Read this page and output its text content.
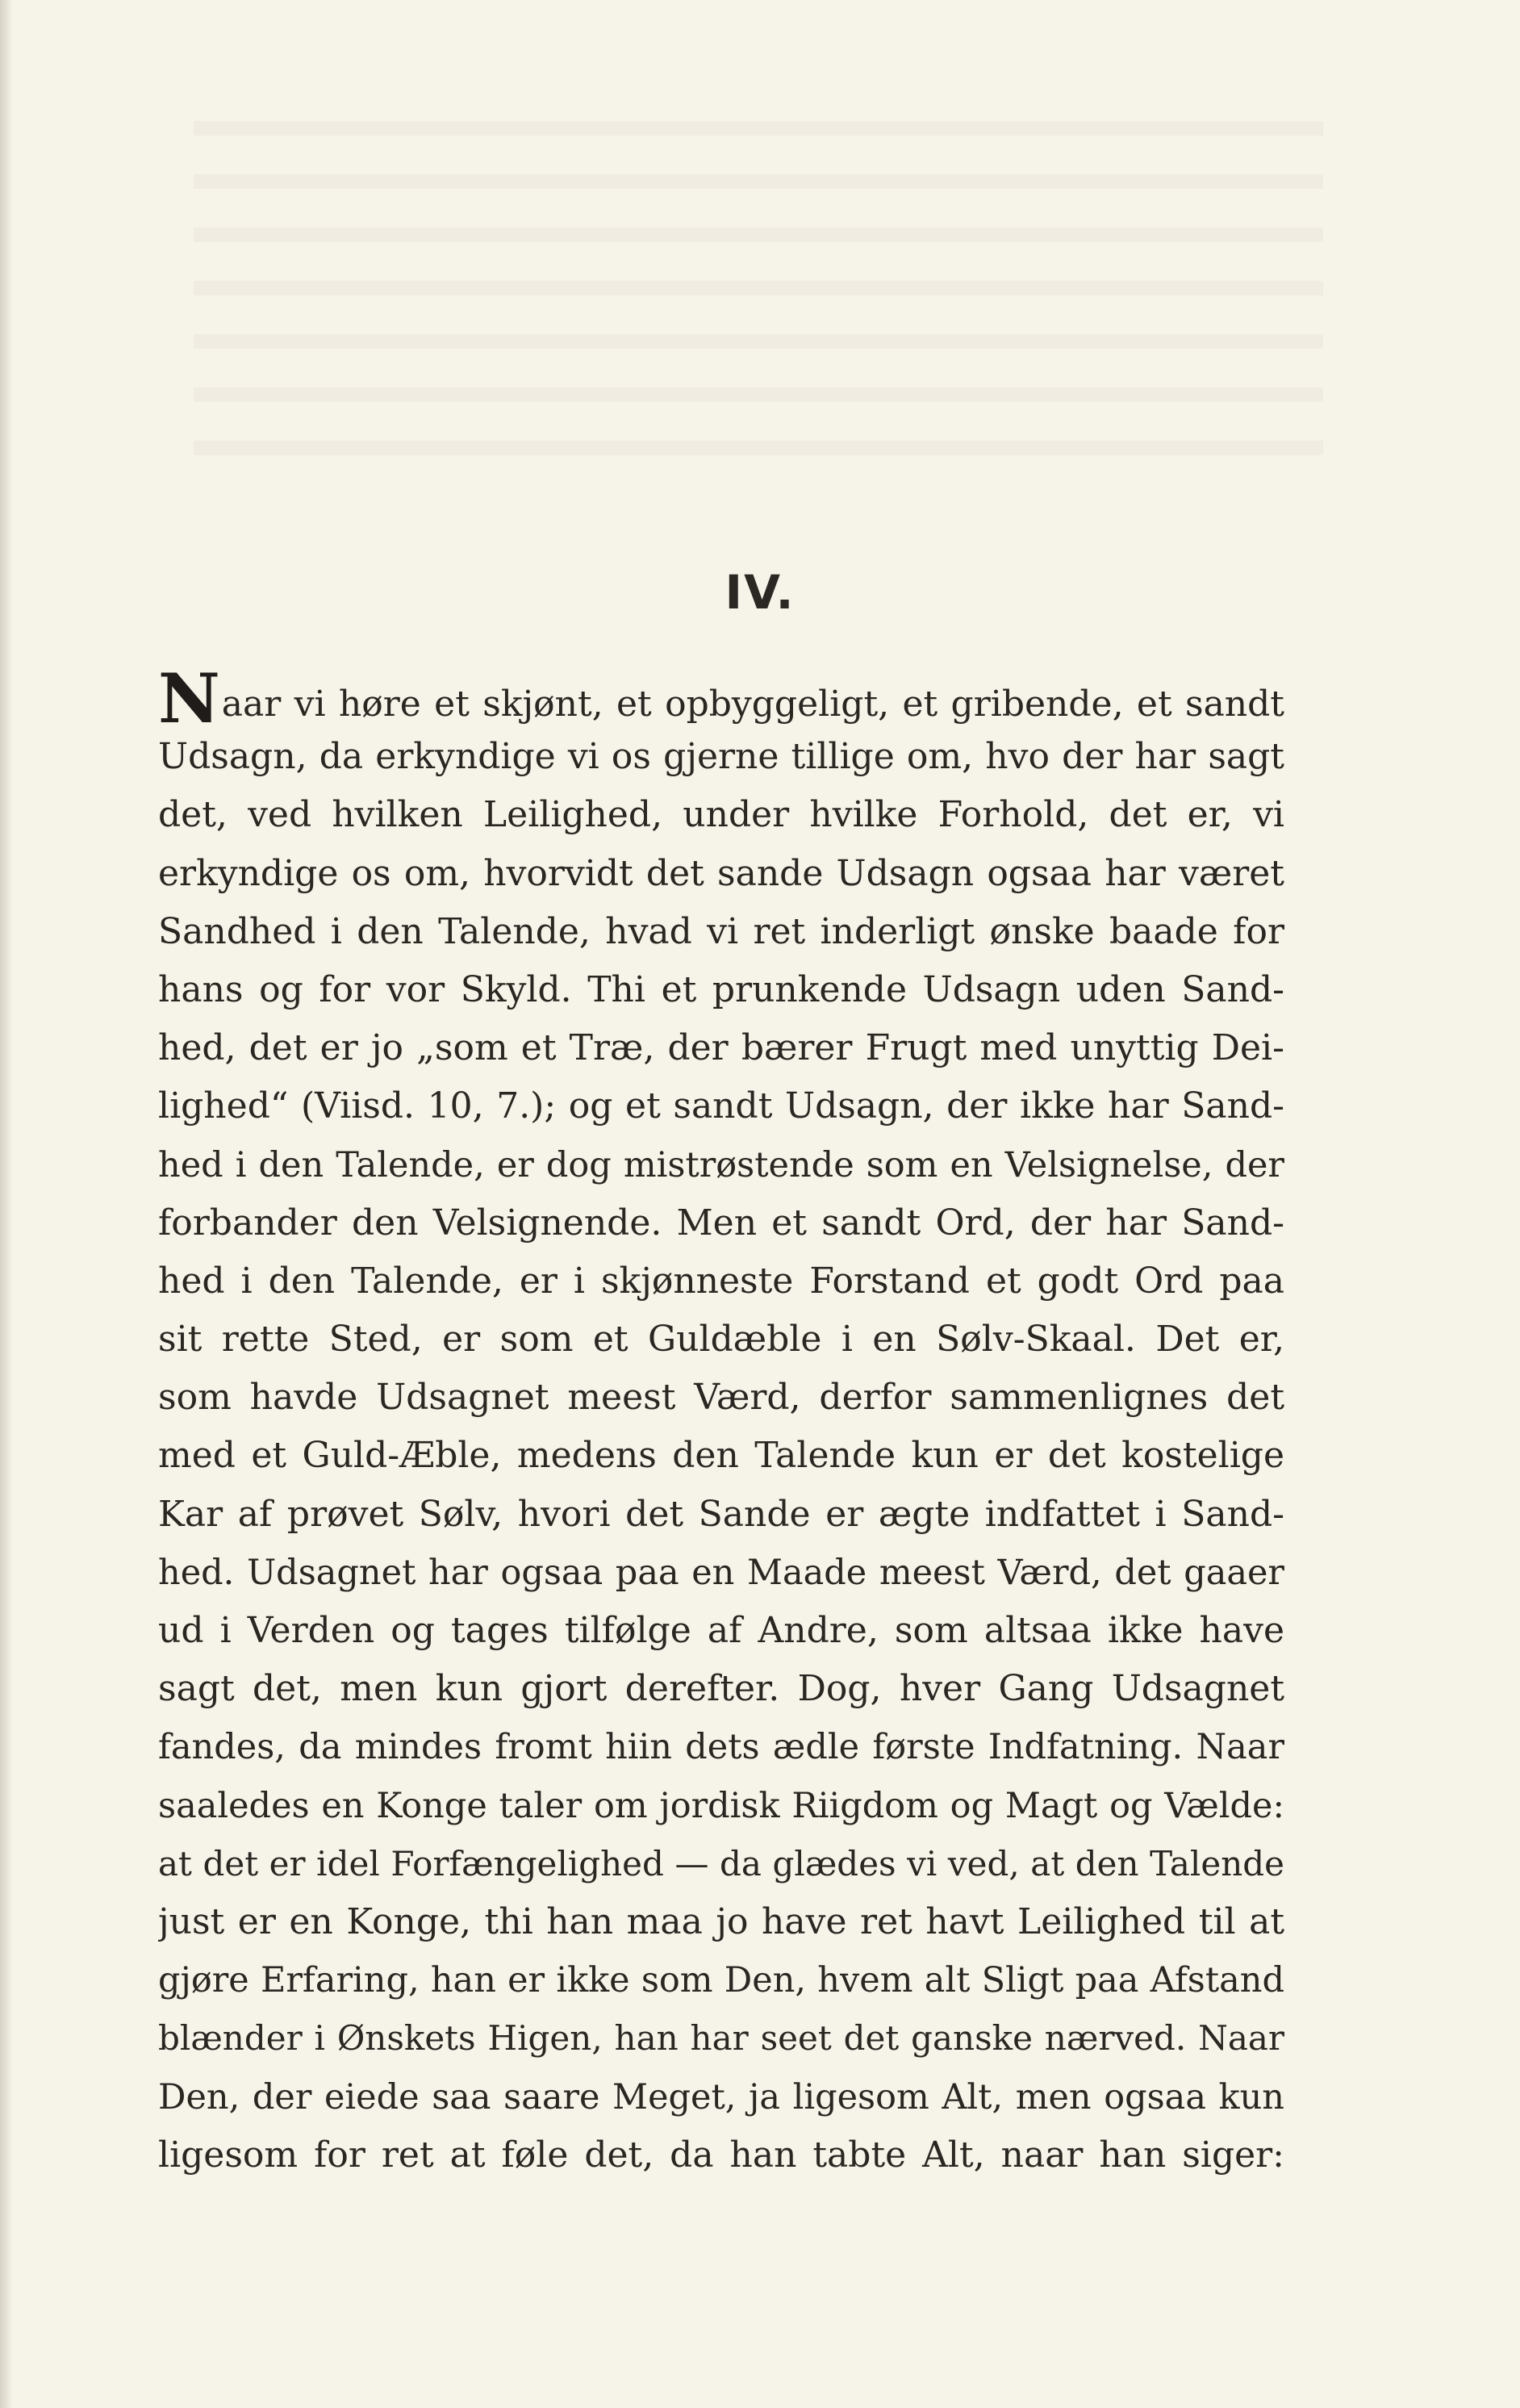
IV.
Naar vi høre et skjønt, et opbyggeligt, et gribende, et sandt
Udsagn, da erkyndige vi os gjerne tillige om, hvo der har sagt
det, ved hvilken Leilighed, under hvilke Forhold, det er, vi
erkyndige os om, hvorvidt det sande Udsagn ogsaa har været
Sandhed i den Talende, hvad vi ret inderligt ønske baade for
hans og for vor Skyld. Thi et prunkende Udsagn uden Sand-
hed, det er jo „som et Træ, der bærer Frugt med unyttig Dei-
lighed“ (Viisd. 10, 7.); og et sandt Udsagn, der ikke har Sand-
hed i den Talende, er dog mistrøstende som en Velsignelse, der
forbander den Velsignende. Men et sandt Ord, der har Sand-
hed i den Talende, er i skjønneste Forstand et godt Ord paa
sit rette Sted, er som et Guldæble i en Sølv-Skaal. Det er,
som havde Udsagnet meest Værd, derfor sammenlignes det
med et Guld-Æble, medens den Talende kun er det kostelige
Kar af prøvet Sølv, hvori det Sande er ægte indfattet i Sand-
hed. Udsagnet har ogsaa paa en Maade meest Værd, det gaaer
ud i Verden og tages tilfølge af Andre, som altsaa ikke have
sagt det, men kun gjort derefter. Dog, hver Gang Udsagnet
fandes, da mindes fromt hiin dets ædle første Indfatning. Naar
saaledes en Konge taler om jordisk Riigdom og Magt og Vælde:
at det er idel Forfængelighed — da glædes vi ved, at den Talende
just er en Konge, thi han maa jo have ret havt Leilighed til at
gjøre Erfaring, han er ikke som Den, hvem alt Sligt paa Afstand
blænder i Ønskets Higen, han har seet det ganske nærved. Naar
Den, der eiede saa saare Meget, ja ligesom Alt, men ogsaa kun
ligesom for ret at føle det, da han tabte Alt, naar han siger:
